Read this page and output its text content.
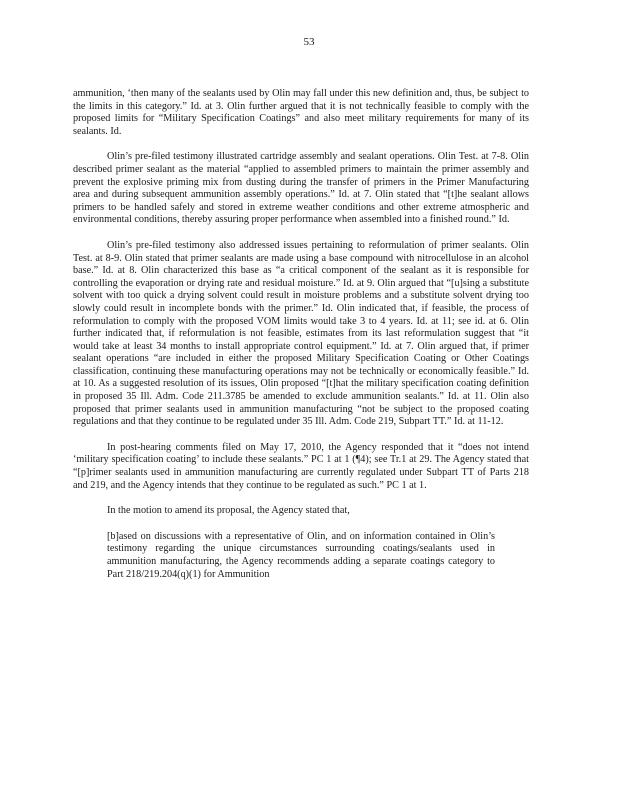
53

ammunition, ‘then many of the sealants used by Olin may fall under this new definition and, thus, be subject to the limits in this category.” Id. at 3. Olin further argued that it is not technically feasible to comply with the proposed limits for “Military Specification Coatings” and also meet military requirements for many of its sealants. Id.

Olin’s pre-filed testimony illustrated cartridge assembly and sealant operations. Olin Test. at 7-8. Olin described primer sealant as the material “applied to assembled primers to maintain the primer assembly and prevent the explosive priming mix from dusting during the transfer of primers in the Primer Manufacturing area and during subsequent ammunition assembly operations.” Id. at 7. Olin stated that “[t]he sealant allows primers to be handled safely and stored in extreme weather conditions and other extreme atmospheric and environmental conditions, thereby assuring proper performance when assembled into a finished round.” Id.

Olin’s pre-filed testimony also addressed issues pertaining to reformulation of primer sealants. Olin Test. at 8-9. Olin stated that primer sealants are made using a base compound with nitrocellulose in an alcohol base.” Id. at 8. Olin characterized this base as “a critical component of the sealant as it is responsible for controlling the evaporation or drying rate and residual moisture.” Id. at 9. Olin argued that “[u]sing a substitute solvent with too quick a drying solvent could result in moisture problems and a substitute solvent drying too slowly could result in incomplete bonds with the primer.” Id. Olin indicated that, if feasible, the process of reformulation to comply with the proposed VOM limits would take 3 to 4 years. Id. at 11; see id. at 6. Olin further indicated that, if reformulation is not feasible, estimates from its last reformulation suggest that “it would take at least 34 months to install appropriate control equipment.” Id. at 7. Olin argued that, if primer sealant operations “are included in either the proposed Military Specification Coating or Other Coatings classification, continuing these manufacturing operations may not be technically or economically feasible.” Id. at 10. As a suggested resolution of its issues, Olin proposed “[t]hat the military specification coating definition in proposed 35 Ill. Adm. Code 211.3785 be amended to exclude ammunition sealants.” Id. at 11. Olin also proposed that primer sealants used in ammunition manufacturing “not be subject to the proposed coating regulations and that they continue to be regulated under 35 Ill. Adm. Code 219, Subpart TT.” Id. at 11-12.

In post-hearing comments filed on May 17, 2010, the Agency responded that it “does not intend ‘military specification coating’ to include these sealants.” PC 1 at 1 (¶4); see Tr.1 at 29. The Agency stated that “[p]rimer sealants used in ammunition manufacturing are currently regulated under Subpart TT of Parts 218 and 219, and the Agency intends that they continue to be regulated as such.” PC 1 at 1.

In the motion to amend its proposal, the Agency stated that,

[b]ased on discussions with a representative of Olin, and on information contained in Olin’s testimony regarding the unique circumstances surrounding coatings/sealants used in ammunition manufacturing, the Agency recommends adding a separate coatings category to Part 218/219.204(q)(1) for Ammunition
